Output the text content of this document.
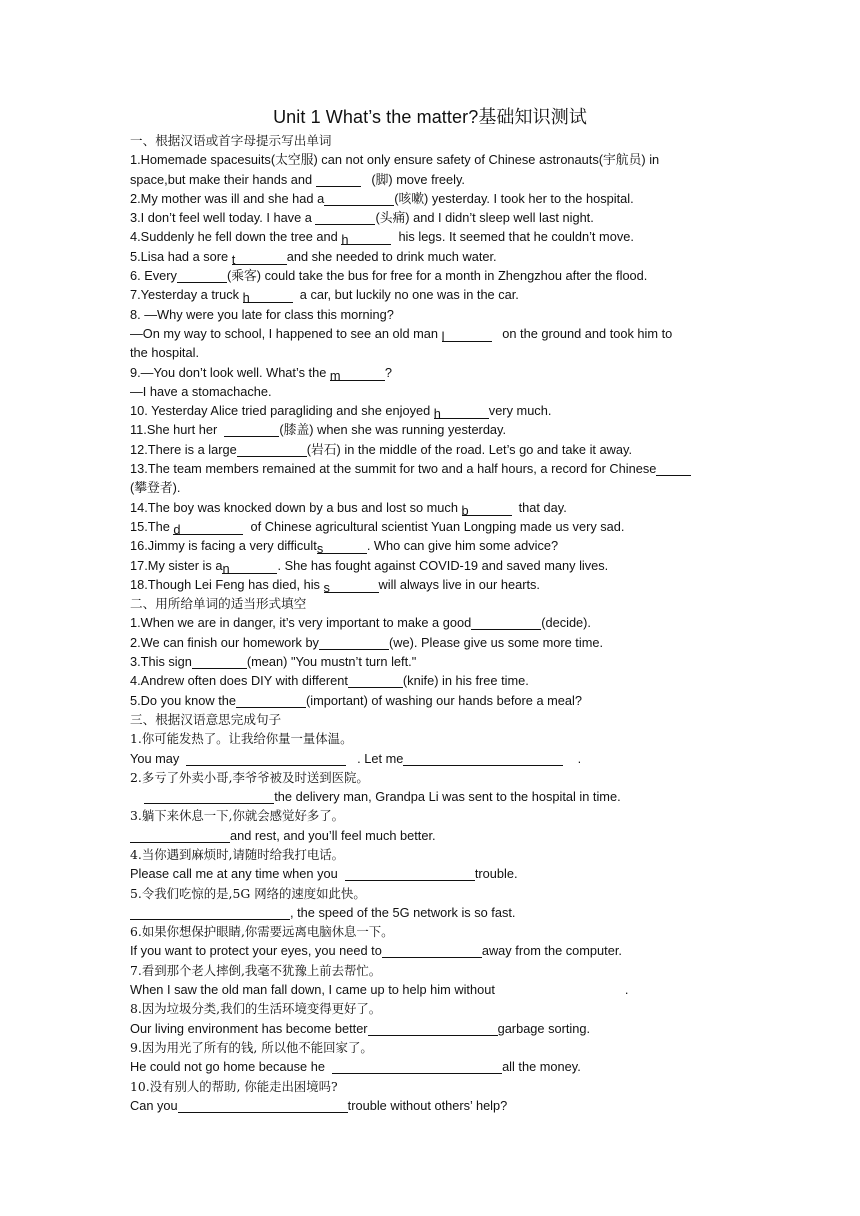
Unit 1 What’s the matter?基础知识测试
一、根据汉语或首字母提示写出单词
1.Homemade spacesuits(太空服) can not only ensure safety of Chinese astronauts(宇航员) in
space,but make their hands and	(脚) move freely.
2.My mother was ill and she had a	(咳嗽) yesterday. I took her to the hospital.
3.I don’t feel well today. I have a	(头痛) and I didn’t sleep well last night.
4.Suddenly he fell down the tree and h	his legs. It seemed that he couldn’t move.
5.Lisa had a sore t	and she needed to drink much water.
6. Every	(乘客) could take the bus for free for a month in Zhengzhou after the flood.
7.Yesterday a truck h	a car, but luckily no one was in the car.
8. —Why were you late for class this morning?
—On my way to school, I happened to see an old man l	on the ground and took him to
the hospital.
9.—You don’t look well. What’s the m	?
—I have a stomachache.
10. Yesterday Alice tried paragliding and she enjoyed h	very much.
11.She hurt her	(膝盖) when she was running yesterday.
12.There is a large	(岩石) in the middle of the road. Let’s go and take it away.
13.The team members remained at the summit for two and a half hours, a record for Chinese
(攀登者).
14.The boy was knocked down by a bus and lost so much b	that day.
15.The d	of Chinese agricultural scientist Yuan Longping made us very sad.
16.Jimmy is facing a very difficults	. Who can give him some advice?
17.My sister is an	. She has fought against COVID-19 and saved many lives.
18.Though Lei Feng has died, his s	will always live in our hearts.
二、用所给单词的适当形式填空
1.When we are in danger, it’s very important to make a good	(decide).
2.We can finish our homework by	(we). Please give us some more time.
3.This sign	(mean) "You mustn’t turn left."
4.Andrew often does DIY with different	(knife) in his free time.
5.Do you know the	(important) of washing our hands before a meal?
三、根据汉语意思完成句子
1.你可能发热了。让我给你量一量体温。
You may	. Let me	.
2.多亏了外卖小哥,李爷爷被及时送到医院。
the delivery man, Grandpa Li was sent to the hospital in time.
3.躺下来休息一下,你就会感觉好多了。
and rest, and you’ll feel much better.
4.当你遇到麻烦时,请随时给我打电话。
Please call me at any time when you	trouble.
5.令我们吃惊的是,5G 网络的速度如此快。
, the speed of the 5G network is so fast.
6.如果你想保护眼睛,你需要远离电脑休息一下。
If you want to protect your eyes, you need to	away from the computer.
7.看到那个老人摔倒,我毫不犹豫上前去帮忙。
When I saw the old man fall down, I came up to help him without	.
8.因为垃圾分类,我们的生活环境变得更好了。
Our living environment has become better	garbage sorting.
9.因为用光了所有的钱, 所以他不能回家了。
He could not go home because he	all the money.
10.没有别人的帮助, 你能走出困境吗?
Can you	trouble without others’ help?
